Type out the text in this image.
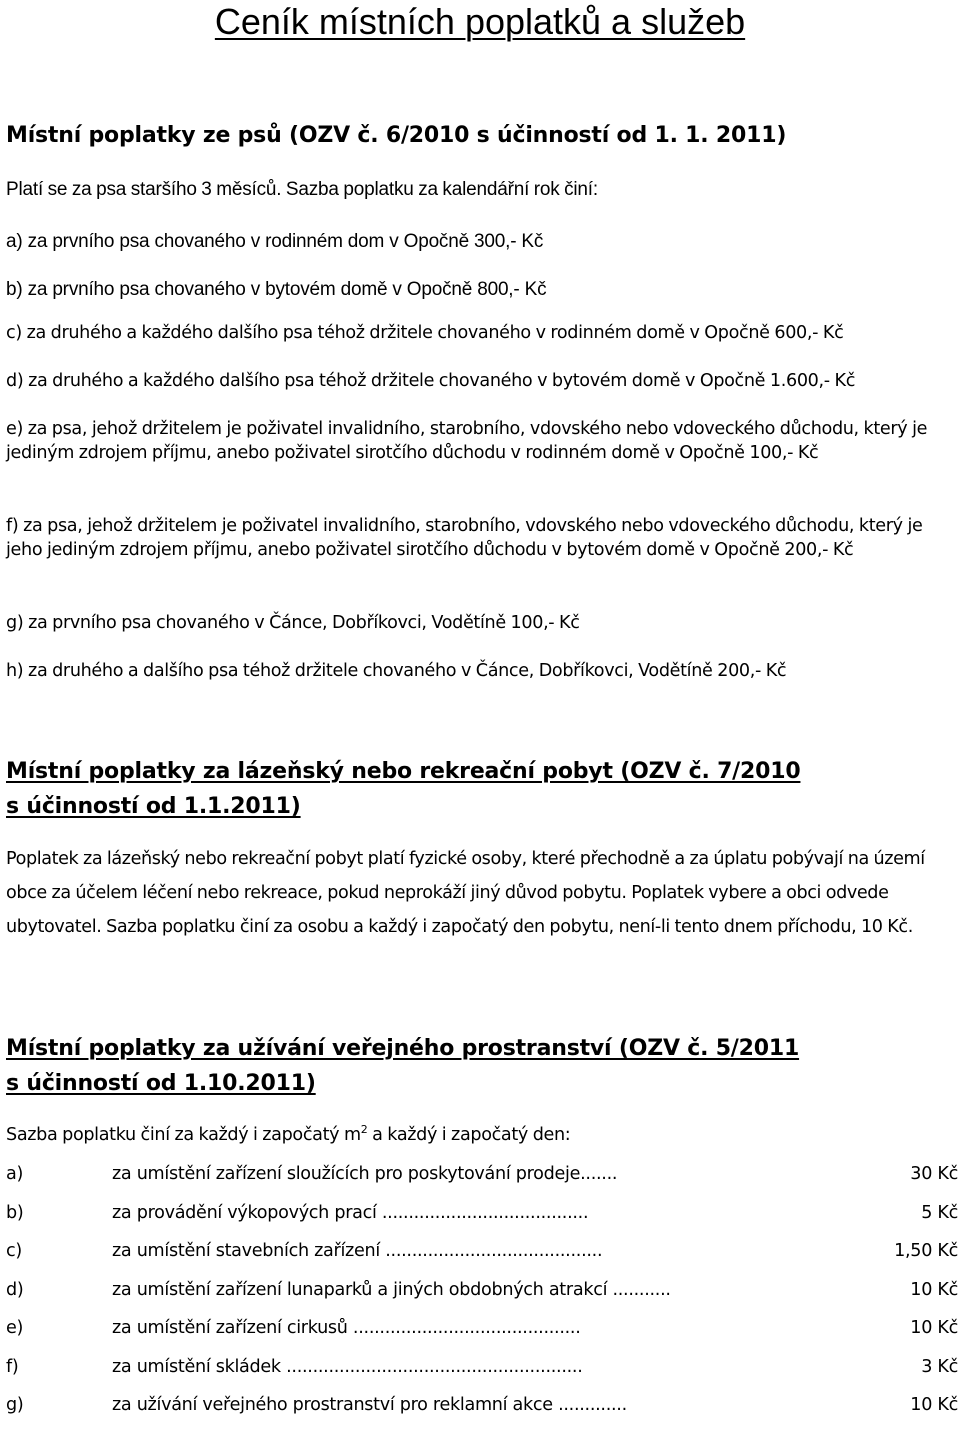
Ceník místních poplatků a služeb
Místní poplatky ze psů (OZV č. 6/2010 s účinností od 1. 1. 2011)

Platí se za psa staršího 3 měsíců. Sazba poplatku za kalendářní rok činí:

a) za prvního psa chovaného v rodinném dom v Opočně 300,- Kč

b) za prvního psa chovaného v bytovém domě v Opočně 800,- Kč

c) za druhého a každého dalšího psa téhož držitele chovaného v rodinném domě v Opočně 600,- Kč

d) za druhého a každého dalšího psa téhož držitele chovaného v bytovém domě v Opočně 1.600,- Kč

e) za psa, jehož držitelem je poživatel invalidního, starobního, vdovského nebo vdoveckého důchodu, který je jediným zdrojem příjmu, anebo poživatel sirotčího důchodu v rodinném domě v Opočně 100,- Kč

f) za psa, jehož držitelem je poživatel invalidního, starobního, vdovského nebo vdoveckého důchodu, který je jeho jediným zdrojem příjmu, anebo poživatel sirotčího důchodu v bytovém domě v Opočně 200,- Kč

g) za prvního psa chovaného v Čánce, Dobříkovci, Vodětíně 100,- Kč

h) za druhého a dalšího psa téhož držitele chovaného v Čánce, Dobříkovci, Vodětíně 200,- Kč

Místní poplatky za lázeňský nebo rekreační pobyt (OZV č. 7/2010
s účinností od 1.1.2011)

Poplatek za lázeňský nebo rekreační pobyt platí fyzické osoby, které přechodně a za úplatu pobývají na území obce za účelem léčení nebo rekreace, pokud neprokáží jiný důvod pobytu. Poplatek vybere a obci odvede ubytovatel. Sazba poplatku činí za osobu a každý i započatý den pobytu, není-li tento dnem příchodu, 10 Kč.

Místní poplatky za užívání veřejného prostranství (OZV č. 5/2011
s účinností od 1.10.2011)

Sazba poplatku činí za každý i započatý $m^2$ a každý i započatý den:

a)	za umístění zařízení sloužících pro poskytování prodeje.......	30 Kč
b)	za provádění výkopových prací .......................................	5 Kč
c)	za umístění stavebních zařízení .........................................	1,50 Kč
d)	za umístění zařízení lunaparků a jiných obdobných atrakcí ...........	10 Kč
e)	za umístění zařízení cirkusů ...........................................	10 Kč
f)	za umístění skládek ........................................................	3 Kč
g)	za užívání veřejného prostranství pro reklamní akce .............	10 Kč
